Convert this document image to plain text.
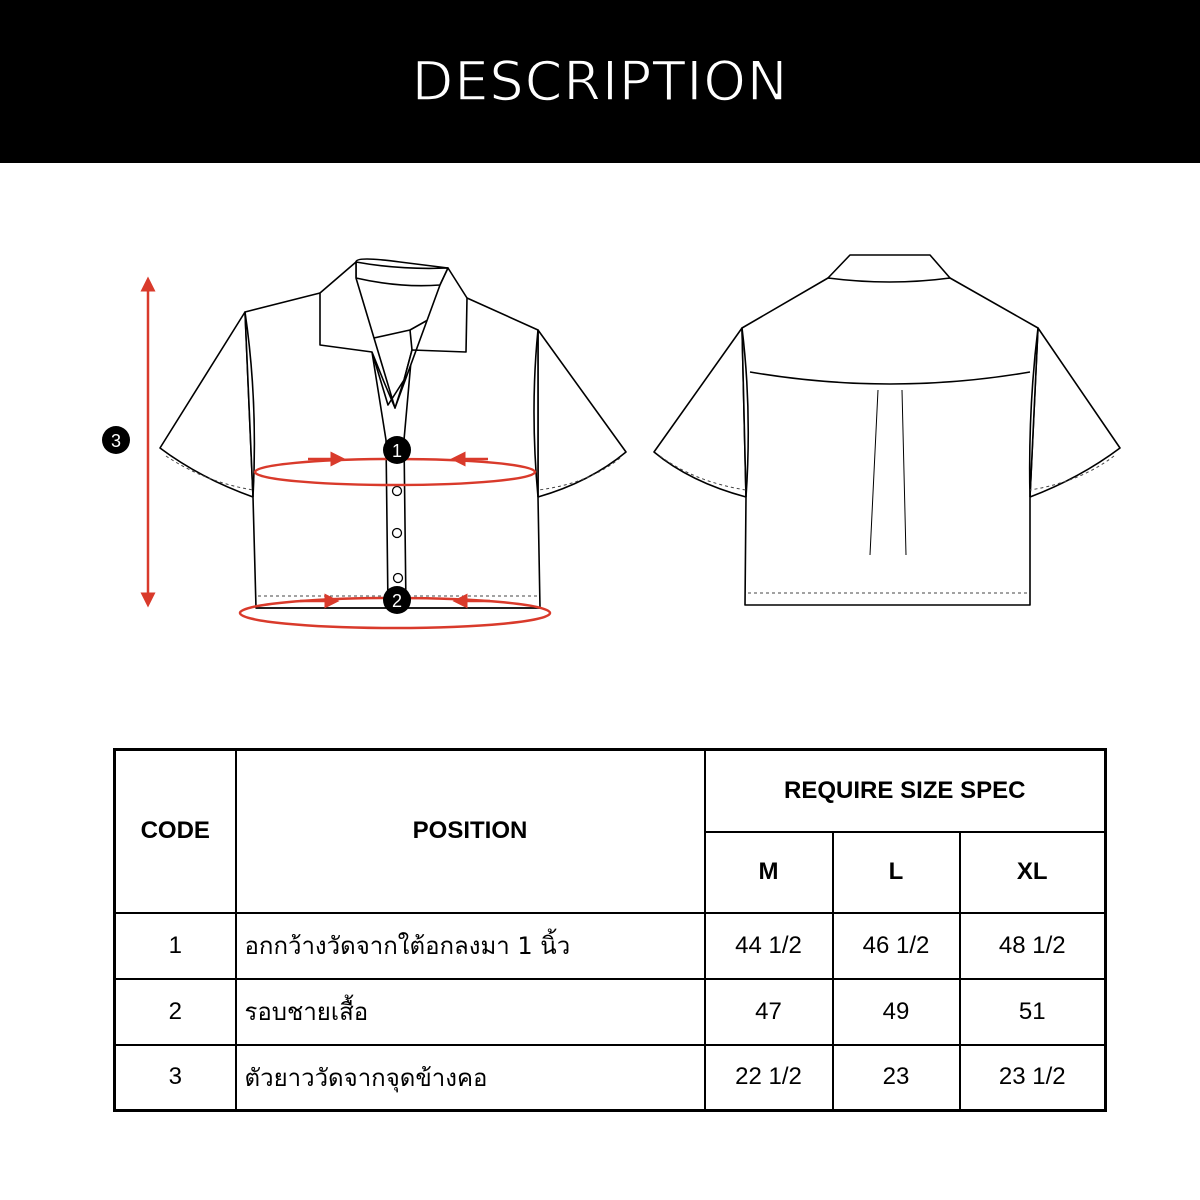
DESCRIPTION
1
2
3
CODE	POSITION	REQUIRE SIZE SPEC		
		M	L	XL
1	อกกว้างวัดจากใต้อกลงมา 1 นิ้ว	44 1/2	46 1/2	48 1/2
2	รอบชายเสื้อ	47	49	51
3	ตัวยาววัดจากจุดข้างคอ	22 1/2	23	23 1/2
